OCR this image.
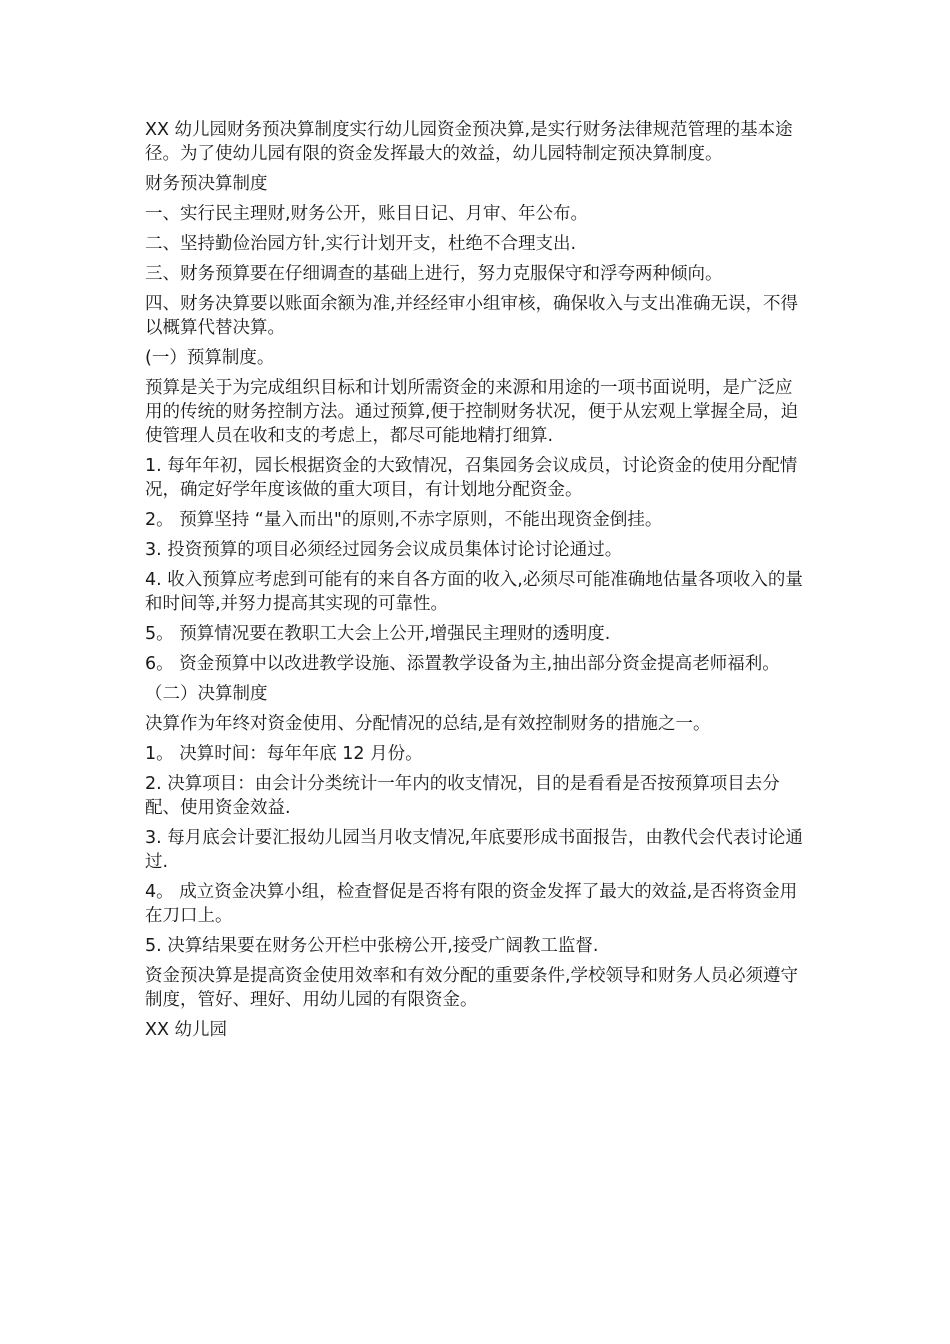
XX 幼儿园财务预决算制度实行幼儿园资金预决算,是实行财务法律规范管理的基本途径。为了使幼儿园有限的资金发挥最大的效益，幼儿园特制定预决算制度。

财务预决算制度

一、实行民主理财,财务公开，账目日记、月审、年公布。

二、坚持勤俭治园方针,实行计划开支，杜绝不合理支出.

三、财务预算要在仔细调查的基础上进行，努力克服保守和浮夸两种倾向。

四、财务决算要以账面余额为准,并经经审小组审核，确保收入与支出准确无误，不得以概算代替决算。

(一）预算制度。

预算是关于为完成组织目标和计划所需资金的来源和用途的一项书面说明，是广泛应用的传统的财务控制方法。通过预算,便于控制财务状况，便于从宏观上掌握全局，迫使管理人员在收和支的考虑上，都尽可能地精打细算.

1. 每年年初，园长根据资金的大致情况，召集园务会议成员，讨论资金的使用分配情况，确定好学年度该做的重大项目，有计划地分配资金。

2。 预算坚持 “量入而出"的原则,不赤字原则，不能出现资金倒挂。

3. 投资预算的项目必须经过园务会议成员集体讨论讨论通过。

4. 收入预算应考虑到可能有的来自各方面的收入,必须尽可能准确地估量各项收入的量和时间等,并努力提高其实现的可靠性。

5。 预算情况要在教职工大会上公开,增强民主理财的透明度.

6。 资金预算中以改进教学设施、添置教学设备为主,抽出部分资金提高老师福利。

（二）决算制度

决算作为年终对资金使用、分配情况的总结,是有效控制财务的措施之一。

1。 决算时间：每年年底 12 月份。

2. 决算项目：由会计分类统计一年内的收支情况，目的是看看是否按预算项目去分配、使用资金效益.

3. 每月底会计要汇报幼儿园当月收支情况,年底要形成书面报告，由教代会代表讨论通过.

4。 成立资金决算小组，检查督促是否将有限的资金发挥了最大的效益,是否将资金用在刀口上。

5. 决算结果要在财务公开栏中张榜公开,接受广阔教工监督.

资金预决算是提高资金使用效率和有效分配的重要条件,学校领导和财务人员必须遵守制度，管好、理好、用幼儿园的有限资金。

XX 幼儿园
